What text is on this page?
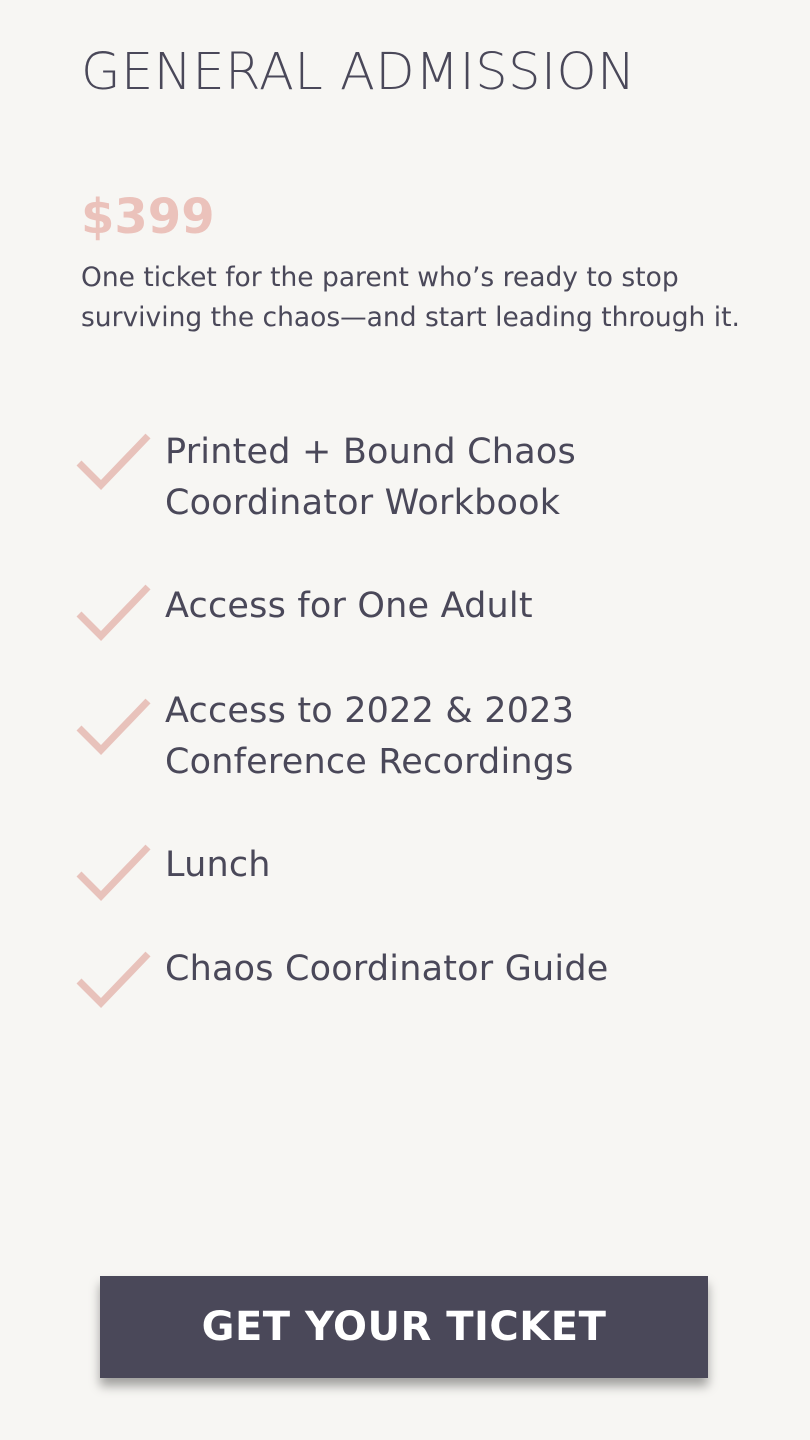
GENERAL ADMISSION
$399

One ticket for the parent who’s ready to stop surviving the chaos—and start leading through it.

Printed + Bound Chaos Coordinator Workbook
Access for One Adult
Access to 2022 & 2023 Conference Recordings
Lunch
Chaos Coordinator Guide
GET YOUR TICKET
